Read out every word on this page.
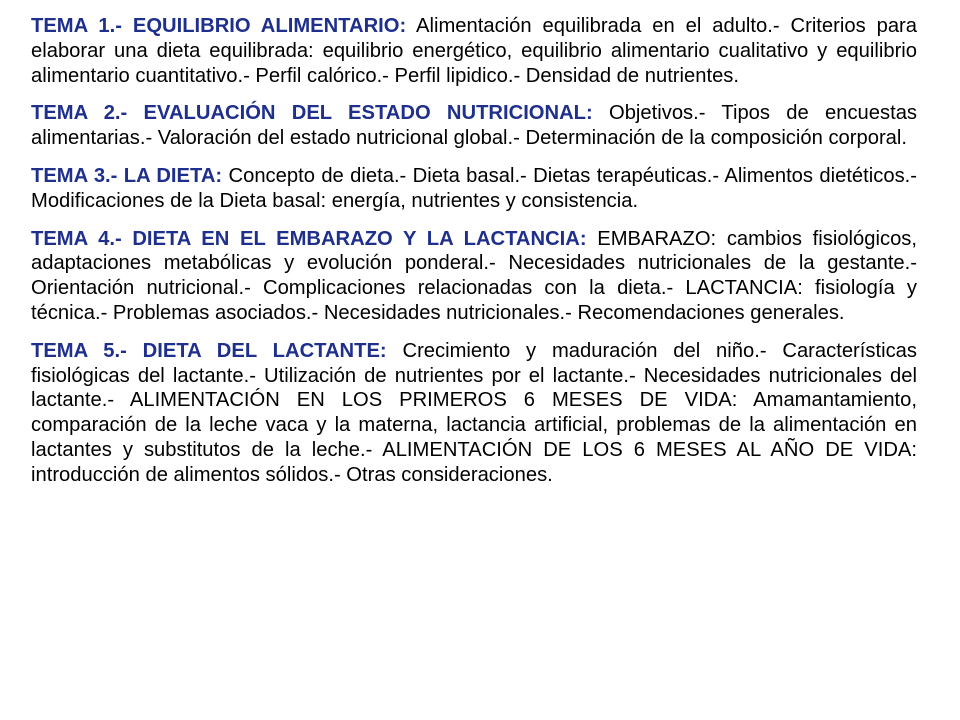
TEMA 1.- EQUILIBRIO ALIMENTARIO: Alimentación equilibrada en el adulto.- Criterios para elaborar una dieta equilibrada: equilibrio energético, equilibrio alimentario cualitativo y equilibrio alimentario cuantitativo.- Perfil calórico.- Perfil lipidico.- Densidad de nutrientes.

TEMA 2.- EVALUACIÓN DEL ESTADO NUTRICIONAL: Objetivos.- Tipos de encuestas alimentarias.- Valoración del estado nutricional global.- Determinación de la composición corporal.

TEMA 3.- LA DIETA: Concepto de dieta.- Dieta basal.- Dietas terapéuticas.- Alimentos dietéticos.- Modificaciones de la Dieta basal: energía, nutrientes y consistencia.

TEMA 4.- DIETA EN EL EMBARAZO Y LA LACTANCIA: EMBARAZO: cambios fisiológicos, adaptaciones metabólicas y evolución ponderal.- Necesidades nutricionales de la gestante.- Orientación nutricional.- Complicaciones relacionadas con la dieta.- LACTANCIA: fisiología y técnica.- Problemas asociados.- Necesidades nutricionales.- Recomendaciones generales.

TEMA 5.- DIETA DEL LACTANTE: Crecimiento y maduración del niño.- Características fisiológicas del lactante.- Utilización de nutrientes por el lactante.- Necesidades nutricionales del lactante.- ALIMENTACIÓN EN LOS PRIMEROS 6 MESES DE VIDA: Amamantamiento, comparación de la leche vaca y la materna, lactancia artificial, problemas de la alimentación en lactantes y substitutos de la leche.- ALIMENTACIÓN DE LOS 6 MESES AL AÑO DE VIDA: introducción de alimentos sólidos.- Otras consideraciones.
